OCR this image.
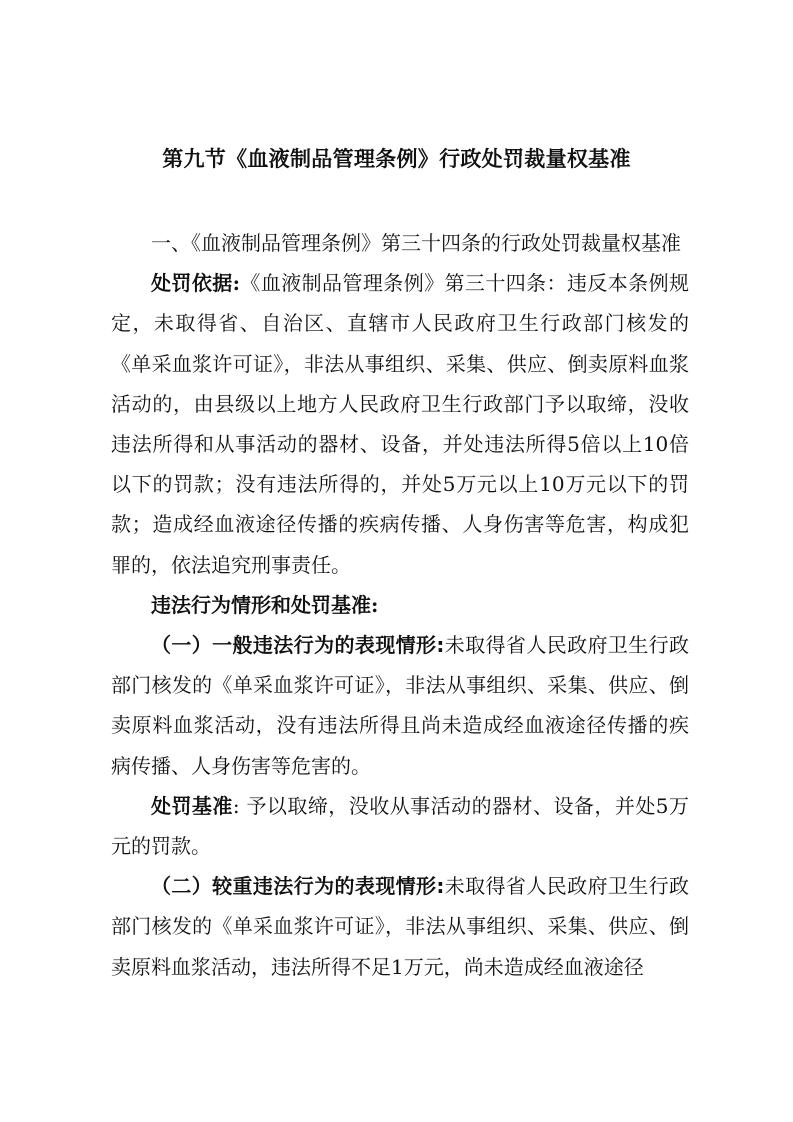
第九节《血液制品管理条例》行政处罚裁量权基准

一、《血液制品管理条例》第三十四条的行政处罚裁量权基准

处罚依据:《血液制品管理条例》第三十四条：违反本条例规定，未取得省、自治区、直辖市人民政府卫生行政部门核发的《单采血浆许可证》，非法从事组织、采集、供应、倒卖原料血浆活动的，由县级以上地方人民政府卫生行政部门予以取缔，没收违法所得和从事活动的器材、设备，并处违法所得5倍以上10倍以下的罚款；没有违法所得的，并处5万元以上10万元以下的罚款；造成经血液途径传播的疾病传播、人身伤害等危害，构成犯罪的，依法追究刑事责任。

违法行为情形和处罚基准:

（一）一般违法行为的表现情形:未取得省人民政府卫生行政部门核发的《单采血浆许可证》，非法从事组织、采集、供应、倒卖原料血浆活动，没有违法所得且尚未造成经血液途径传播的疾病传播、人身伤害等危害的。

处罚基准: 予以取缔，没收从事活动的器材、设备，并处5万元的罚款。

（二）较重违法行为的表现情形:未取得省人民政府卫生行政部门核发的《单采血浆许可证》，非法从事组织、采集、供应、倒卖原料血浆活动，违法所得不足1万元，尚未造成经血液途径
